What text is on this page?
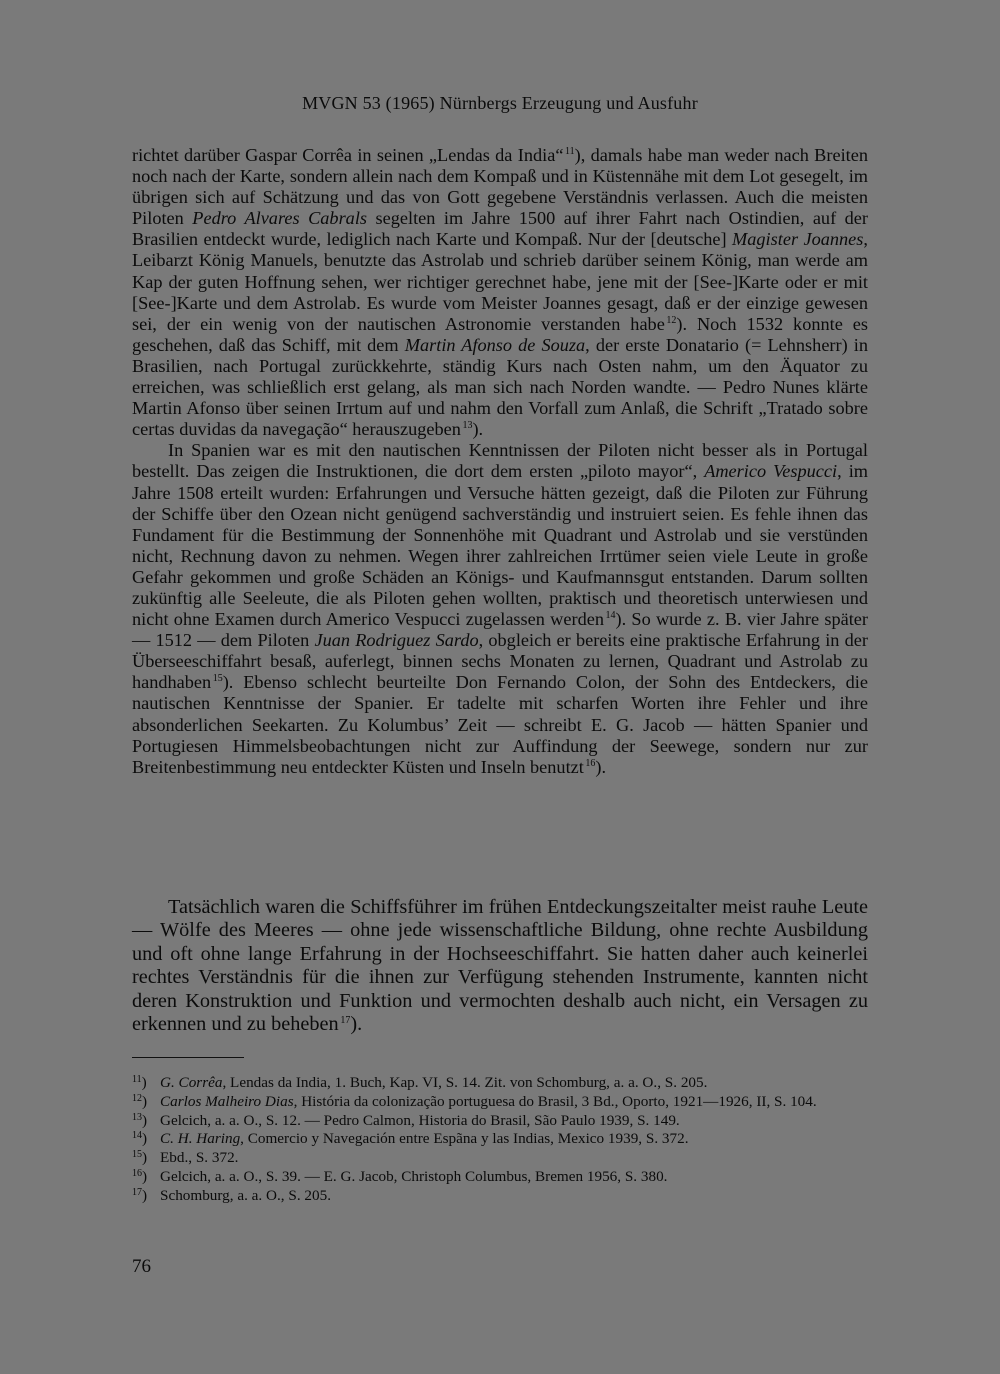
MVGN 53 (1965) Nürnbergs Erzeugung und Ausfuhr

richtet darüber Gaspar Corrêa in seinen „Lendas da India“  $^{11}$), damals habe man weder nach Breiten noch nach der Karte, sondern allein nach dem Kompaß und in Küstennähe mit dem Lot gesegelt, im übrigen sich auf Schätzung und das von Gott gegebene Verständnis verlassen. Auch die meisten Piloten Pedro Alvares Cabrals segelten im Jahre 1500 auf ihrer Fahrt nach Ostindien, auf der Brasilien entdeckt wurde, lediglich nach Karte und Kompaß. Nur der [deutsche] Magister Joannes, Leibarzt König Manuels, benutzte das Astrolab und schrieb darüber seinem König, man werde am Kap der guten Hoffnung sehen, wer richtiger gerechnet habe, jene mit der [See-]Karte oder er mit [See-]Karte und dem Astrolab. Es wurde vom Meister Joannes gesagt, daß er der einzige gewesen sei, der ein wenig von der nautischen Astronomie verstanden habe  $^{12}$). Noch 1532 konnte es geschehen, daß das Schiff, mit dem Martin Afonso de Souza, der erste Donatario (= Lehnsherr) in Brasilien, nach Portugal zurückkehrte, ständig Kurs nach Osten nahm, um den Äquator zu erreichen, was schließlich erst gelang, als man sich nach Norden wandte. — Pedro Nunes klärte Martin Afonso über seinen Irrtum auf und nahm den Vorfall zum Anlaß, die Schrift „Tratado sobre certas duvidas da navegação“ herauszugeben  $^{13}$).

In Spanien war es mit den nautischen Kenntnissen der Piloten nicht besser als in Portugal bestellt. Das zeigen die Instruktionen, die dort dem ersten „piloto mayor“, Americo Vespucci, im Jahre 1508 erteilt wurden: Erfahrungen und Versuche hätten gezeigt, daß die Piloten zur Führung der Schiffe über den Ozean nicht genügend sachverständig und instruiert seien. Es fehle ihnen das Fundament für die Bestimmung der Sonnenhöhe mit Quadrant und Astrolab und sie verstünden nicht, Rechnung davon zu nehmen. Wegen ihrer zahlreichen Irrtümer seien viele Leute in große Gefahr gekommen und große Schäden an Königs- und Kaufmannsgut entstanden. Darum sollten zukünftig alle Seeleute, die als Piloten gehen wollten, praktisch und theoretisch unterwiesen und nicht ohne Examen durch Americo Vespucci zugelassen werden  $^{14}$). So wurde z. B. vier Jahre später — 1512 — dem Piloten Juan Rodriguez Sardo, obgleich er bereits eine praktische Erfahrung in der Überseeschiffahrt besaß, auferlegt, binnen sechs Monaten zu lernen, Quadrant und Astrolab zu handhaben  $^{15}$). Ebenso schlecht beurteilte Don Fernando Colon, der Sohn des Entdeckers, die nautischen Kenntnisse der Spanier. Er tadelte mit scharfen Worten ihre Fehler und ihre absonderlichen Seekarten. Zu Kolumbus’ Zeit — schreibt E. G. Jacob — hätten Spanier und Portugiesen Himmelsbeobachtungen nicht zur Auffindung der Seewege, sondern nur zur Breitenbestimmung neu entdeckter Küsten und Inseln benutzt  $^{16}$).

Tatsächlich waren die Schiffsführer im frühen Entdeckungszeitalter meist rauhe Leute — Wölfe des Meeres — ohne jede wissenschaftliche Bildung, ohne rechte Ausbildung und oft ohne lange Erfahrung in der Hochseeschiffahrt. Sie hatten daher auch keinerlei rechtes Verständnis für die ihnen zur Verfügung stehenden Instrumente, kannten nicht deren Konstruktion und Funktion und vermochten deshalb auch nicht, ein Versagen zu erkennen und zu beheben  $^{17}$).

$^{11}$) G. Corrêa, Lendas da India, 1. Buch, Kap. VI, S. 14. Zit. von Schomburg, a. a. O., S. 205.
$^{12}$) Carlos Malheiro Dias, História da colonização portuguesa do Brasil, 3 Bd., Oporto, 1921—1926, II, S. 104.
$^{13}$) Gelcich, a. a. O., S. 12. — Pedro Calmon, Historia do Brasil, São Paulo 1939, S. 149.
$^{14}$) C. H. Haring, Comercio y Navegación entre Espãna y las Indias, Mexico 1939, S. 372.
$^{15}$) Ebd., S. 372.
$^{16}$) Gelcich, a. a. O., S. 39. — E. G. Jacob, Christoph Columbus, Bremen 1956, S. 380.
$^{17}$) Schomburg, a. a. O., S. 205.
76
